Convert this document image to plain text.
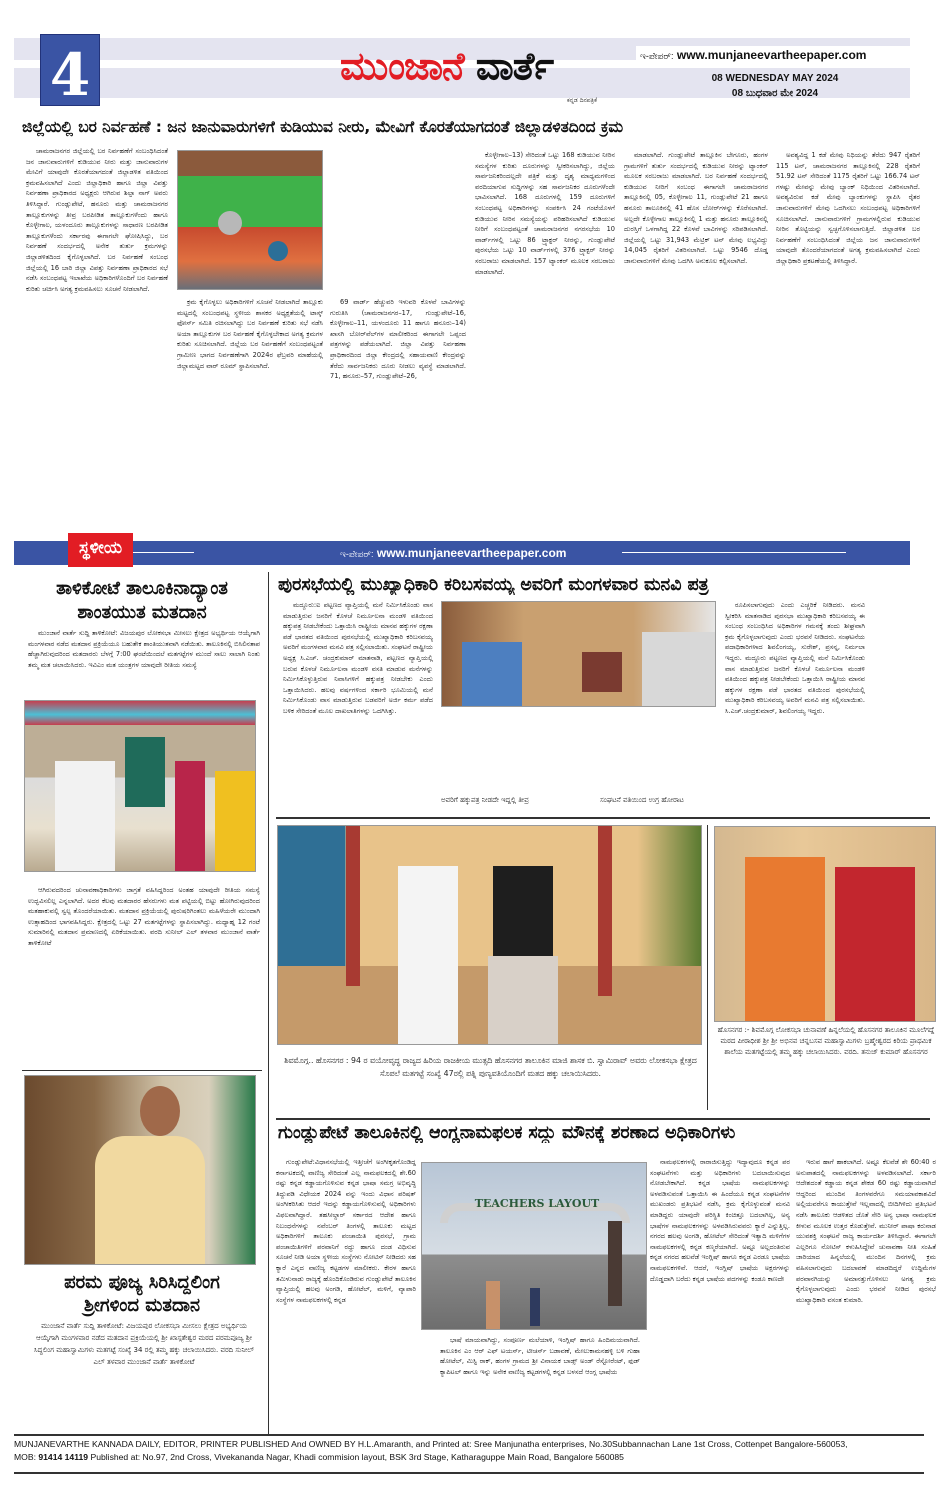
4	ಮುಂಜಾನೆ ವಾರ್ತೆ
ಕನ್ನಡ ದಿನಪತ್ರಿಕೆ
ಇ-ಪೇಪರ್: www.munjaneevartheepaper.com
08 WEDNESDAY MAY 2024
08 ಬುಧವಾರ ಮೇ 2024
ಜಿಲ್ಲೆಯಲ್ಲಿ ಬರ ನಿರ್ವಹಣೆ : ಜನ ಜಾನುವಾರುಗಳಿಗೆ ಕುಡಿಯುವ ನೀರು, ಮೇವಿಗೆ ಕೊರತೆಯಾಗದಂತೆ ಜಿಲ್ಲಾಡಳಿತದಿಂದ ಕ್ರಮ

ಚಾಮರಾಜನಗರ ಜಿಲ್ಲೆಯಲ್ಲಿ ಬರ ನಿರ್ವಹಣೆಗೆ ಸಂಬಂಧಿಸಿದಂತೆ ಜನ ಜಾನುವಾರುಗಳಿಗೆ ಕುಡಿಯುವ ನೀರು ಮತ್ತು ಜಾನುವಾರುಗಳ ಮೇವಿಗೆ ಯಾವುದೇ ಕೊರತೆಯಾಗದಂತೆ ಜಿಲ್ಲಾಡಳಿತ ವತಿಯಿಂದ ಕ್ರಮವಹಿಸಲಾಗಿದೆ ಎಂದು ಜಿಲ್ಲಾಧಿಕಾರಿ ಹಾಗೂ ಜಿಲ್ಲಾ ವಿಪತ್ತು ನಿರ್ವಹಣಾ ಪ್ರಾಧಿಕಾರದ ಅಧ್ಯಕ್ಷರು ಆಗಿರುವ ಶಿಲ್ಪಾ ನಾಗ್ ಅವರು ತಿಳಿಸಿದ್ದಾರೆ. ಗುಂಡ್ಲುಪೇಟೆ, ಹನೂರು ಮತ್ತು ಚಾಮರಾಜನಗರ ತಾಲ್ಲೂಕುಗಳನ್ನು ತೀವ್ರ ಬರಪೀಡಿತ ತಾಲ್ಲೂಕುಗಳೆಂದು ಹಾಗೂ ಕೊಳ್ಳೇಗಾಲ, ಯಳಂದೂರು ತಾಲ್ಲೂಕುಗಳನ್ನು ಸಾಧಾರಣ ಬರಪೀಡಿತ ತಾಲ್ಲೂಕುಗಳೆಂದು ಸರ್ಕಾರವು ಈಗಾಗಲೇ ಘೋಷಿಸಿದ್ದು, ಬರ ನಿರ್ವಹಣೆ ಸಂದರ್ಭದಲ್ಲಿ ಅನೇಕ ತುರ್ತು ಕ್ರಮಗಳನ್ನು ಜಿಲ್ಲಾಡಳಿತದಿಂದ ಕೈಗೊಳ್ಳಲಾಗಿದೆ. ಬರ ನಿರ್ವಹಣೆ ಸಂಬಂಧ ಜಿಲ್ಲೆಯಲ್ಲಿ 16 ಬಾರಿ ಜಿಲ್ಲಾ ವಿಪತ್ತು ನಿರ್ವಹಣಾ ಪ್ರಾಧಿಕಾರದ ಸಭೆ ನಡೆಸಿ ಸಂಬಂಧಪಟ್ಟ ಇಲಾಖೆಯ ಅಧಿಕಾರಿಗಳೊಂದಿಗೆ ಬರ ನಿರ್ವಹಣೆ ಕುರಿತು ಚರ್ಚಿಸಿ ಅಗತ್ಯ ಕ್ರಮವಹಿಸಲು ಸೂಚನೆ ನೀಡಲಾಗಿದೆ.

ಕ್ರಮ ಕೈಗೊಳ್ಳಲು ಅಧಿಕಾರಿಗಳಿಗೆ ಸೂಚನೆ ನೀಡಲಾಗಿದೆ ತಾಲ್ಲೂಕು ಮಟ್ಟದಲ್ಲಿ ಸಂಬಂಧಪಟ್ಟ ಸ್ಥಳೀಯ ಶಾಸಕರ ಅಧ್ಯಕ್ಷತೆಯಲ್ಲಿ ಟಾಸ್ಕ್ ಫೋರ್ಸ್ ಸಮಿತಿ ರಚಿಸಲಾಗಿದ್ದು ಬರ ನಿರ್ವಹಣೆ ಕುರಿತು ಸಭೆ ನಡೆಸಿ ಅಯಾ ತಾಲ್ಲೂಕುಗಳ ಬರ ನಿರ್ವಹಣೆ ಕೈಗೊಳ್ಳಬೇಕಾದ ಅಗತ್ಯ ಕ್ರಮಗಳ ಕುರಿತು ಸೂಚಿಸಲಾಗಿದೆ. ಜಿಲ್ಲೆಯ ಬರ ನಿರ್ವಹಣೆಗೆ ಸಂಬಂಧಪಟ್ಟಂತೆ ಗ್ರಾಮೀಣ ಭಾಗದ ನಿರ್ವಹಣೆಗಾಗಿ 2024ರ ಫೆಬ್ರವರಿ ಮಾಹೆಯಲ್ಲಿ ಜಿಲ್ಲಾಮಟ್ಟದ ವಾರ್ ರೂಮ್ ಸ್ಥಾಪಿಸಲಾಗಿದೆ.

69 ವಾರ್ಡ್ ಹೆಚ್ಚುವರಿ ಇಳುವರಿ ಕೊಳವೆ ಬಾವಿಗಳನ್ನು ಗುರುತಿಸಿ (ಚಾಮರಾಜನಗರ–17, ಗುಂಡ್ಲುಪೇಟೆ–16, ಕೊಳ್ಳೇಗಾಲ–11, ಯಳಂದೂರು 11 ಹಾಗೂ ಹನೂರು–14) ಖಾಸಗಿ ಬೋರ್‌ವೆಲ್‌ಗಳ ಮಾಲೀಕರಿಂದ ಈಗಾಗಲೇ ಒಪ್ಪಂದ ಪತ್ರಗಳನ್ನು ಪಡೆಯಲಾಗಿದೆ. ಜಿಲ್ಲಾ ವಿಪತ್ತು ನಿರ್ವಹಣಾ ಪ್ರಾಧಿಕಾರದಿಂದ ಜಿಲ್ಲಾ ಕೇಂದ್ರದಲ್ಲಿ ಸಹಾಯವಾಣಿ ಕೇಂದ್ರವನ್ನು ತೆರೆದು ಸಾರ್ವಜನಿಕರು ದೂರು ನೀಡಲು ವ್ಯವಸ್ಥೆ ಮಾಡಲಾಗಿದೆ. 71, ಹನೂರು–57, ಗುಂಡ್ಲುಪೇಟೆ–26,

ಕೊಳ್ಳೇಗಾಲ–13) ಸೇರಿದಂತೆ ಒಟ್ಟು 168 ಕುಡಿಯುವ ನೀರಿನ ಸಮಸ್ಯೆಗಳ ಕುರಿತು ದೂರುಗಳನ್ನು ಸ್ವೀಕರಿಸಲಾಗಿದ್ದು, ಜಿಲ್ಲೆಯ ಸಾರ್ವಜನಿಕರಿಂದಲ್ಲದೇ ಪತ್ರಿಕೆ ಮತ್ತು ದೃಶ್ಯ ಮಾಧ್ಯಮಗಳಿಂದ ವರದಿಯಾಗುವ ಸುದ್ದಿಗಳನ್ನು ಸಹ ಸಾರ್ವಜನಿಕರ ದೂರುಗಳೆಂದೇ ಭಾವಿಸಲಾಗಿದೆ. 168 ದೂರುಗಳಲ್ಲಿ 159 ದೂರುಗಳಿಗೆ ಸಂಬಂಧಪಟ್ಟ ಅಧಿಕಾರಿಗಳನ್ನು ಸಂಪರ್ಕಿಸಿ 24 ಗಂಟೆಯೊಳಗೆ ಕುಡಿಯುವ ನೀರಿನ ಸಮಸ್ಯೆಯನ್ನು ಪರಿಹರಿಸಲಾಗಿದೆ ಕುಡಿಯುವ ನೀರಿಗೆ ಸಂಬಂಧಪಟ್ಟಂತೆ ಚಾಮರಾಜನಗರ ನಗರಸಭೆಯ 10 ವಾರ್ಡ್‌ಗಳಲ್ಲಿ ಒಟ್ಟು 86 ಟ್ರ್ಯಾಕ್ಟರ್ ನೀರನ್ನು, ಗುಂಡ್ಲುಪೇಟೆ ಪುರಸಭೆಯ ಒಟ್ಟು 10 ವಾರ್ಡ್‌ಗಳಲ್ಲಿ 376 ಟ್ರ್ಯಾಕ್ಟರ್ ನೀರನ್ನು ಸರಬರಾಜು ಮಾಡಲಾಗಿದೆ. 157 ಟ್ಯಾಂಕರ್ ಮೂಲಕ ಸರಬರಾಜು ಮಾಡಲಾಗಿದೆ.

ಮಾಡಲಾಗಿದೆ. ಗುಂಡ್ಲುಪೇಟೆ ತಾಲ್ಲೂಕಿನ ಬೇಗೂರು, ಹಂಗಳ ಗ್ರಾಮಗಳಿಗೆ ತುರ್ತು ಸಂದರ್ಭದಲ್ಲಿ ಕುಡಿಯುವ ನೀರನ್ನು ಟ್ಯಾಂಕರ್ ಮೂಲಕ ಸರಬರಾಜು ಮಾಡಲಾಗಿದೆ. ಬರ ನಿರ್ವಹಣೆ ಸಂದರ್ಭದಲ್ಲಿ ಕುಡಿಯುವ ನೀರಿಗೆ ಸಂಬಂಧ ಈಗಾಗಲೇ ಚಾಮರಾಜನಗರ ತಾಲ್ಲೂಕಿನಲ್ಲಿ 05, ಕೊಳ್ಳೇಗಾಲ 11, ಗುಂಡ್ಲುಪೇಟೆ 21 ಹಾಗೂ ಹನೂರು ತಾಲೂಕಿನಲ್ಲಿ 41 ಹೊಸ ಬೋರ್‌ಗಳನ್ನು ಕೊರೆಸಲಾಗಿದೆ. ಅಲ್ಲದೇ ಕೊಳ್ಳೇಗಾಲ ತಾಲ್ಲೂಕಿನಲ್ಲಿ 1 ಮತ್ತು ಹನೂರು ತಾಲ್ಲೂಕಿನಲ್ಲಿ ದುರಸ್ತಿಗೆ ಒಳಗಾಗಿದ್ದ 22 ಕೊಳವೆ ಬಾವಿಗಳನ್ನು ಸರಿಪಡಿಸಲಾಗಿದೆ. ಜಿಲ್ಲೆಯಲ್ಲಿ ಒಟ್ಟು 31,943 ಮೆಟ್ರಿಕ್ ಟನ್ ಮೇವು ಲಭ್ಯವಿದ್ದು 14,045 ರೈತರಿಗೆ ವಿತರಿಸಲಾಗಿದೆ. ಒಟ್ಟು 9546 ದೊಡ್ಡ ಜಾನುವಾರುಗಳಿಗೆ ಮೇವು ಒದಗಿಸಿ ಅನುಕೂಲ ಕಲ್ಪಿಸಲಾಗಿದೆ.

ಅವಶ್ಯವಿದ್ದ 1 ಕಡೆ ಮೇವು ನಿಧಿಯನ್ನು ತೆರೆದು 947 ರೈತರಿಗೆ 115 ಟನ್, ಚಾಮರಾಜನಗರ ತಾಲ್ಲೂಕಿನಲ್ಲಿ 228 ರೈತರಿಗೆ 51.92 ಟನ್ ಸೇರಿದಂತೆ 1175 ರೈತರಿಗೆ ಒಟ್ಟು 166.74 ಟನ್ ಗಳಷ್ಟು ಮೇವನ್ನು ಮೇವು ಬ್ಯಾಂಕ್ ನಿಧಿಯಿಂದ ವಿತರಿಸಲಾಗಿದೆ. ಅವಶ್ಯವಿರುವ ಕಡೆ ಮೇವು ಬ್ಯಾಂಕುಗಳನ್ನು ಸ್ಥಾಪಿಸಿ ರೈತರ ಜಾನುವಾರುಗಳಿಗೆ ಮೇವು ಒದಗಿಸಲು ಸಂಬಂಧಪಟ್ಟ ಅಧಿಕಾರಿಗಳಿಗೆ ಸೂಚಿಸಲಾಗಿದೆ. ಜಾನುವಾರುಗಳಿಗೆ ಗ್ರಾಮಗಳಲ್ಲಿರುವ ಕುಡಿಯುವ ನೀರಿನ ತೊಟ್ಟಿಯನ್ನು ಸ್ವಚ್ಛಗೊಳಿಸಲಾಗುತ್ತಿದೆ. ಜಿಲ್ಲಾಡಳಿತ ಬರ ನಿರ್ವಹಣೆಗೆ ಸಂಬಂಧಿಸಿದಂತೆ ಜಿಲ್ಲೆಯ ಜನ ಜಾನುವಾರುಗಳಿಗೆ ಯಾವುದೇ ತೊಂದರೆಯಾಗದಂತೆ ಅಗತ್ಯ ಕ್ರಮವಹಿಸಲಾಗಿದೆ ಎಂದು ಜಿಲ್ಲಾಧಿಕಾರಿ ಪ್ರಕಟಣೆಯಲ್ಲಿ ತಿಳಿಸಿದ್ದಾರೆ.

ಸ್ಥಳೀಯ	ಇ-ಪೇಪರ್: www.munjaneevartheepaper.com
ತಾಳಿಕೋಟೆ ತಾಲೂಕಿನಾದ್ಯಾಂತ
ಶಾಂತಯುತ ಮತದಾನ

ಮುಂಜಾನೆ ವಾರ್ತೆ ಸುದ್ದಿ ತಾಳಿಕೋಟೆ: ವಿಜಯಪುರ ಲೋಕಸಭಾ ಮೀಸಲು ಕ್ಷೇತ್ರದ ಅಭ್ಯರ್ಥಿಯ ಆಯ್ಕೆಗಾಗಿ ಮಂಗಳವಾರ ನಡೆದ ಮತದಾನ ಪ್ರಕ್ರಿಯೆಯೂ ಬಹುತೇಕ ಶಾಂತಿಯುತವಾಗಿ ನಡೆಯಿತು. ತಾಲೂಕಿನಲ್ಲಿ ಬಿಸಿಲಿನತಾಪ ಹೆಚ್ಚಾಗಿರುವುದರಿಂದ ಮತದಾರರು ಬೆಳಗ್ಗೆ 7:00 ಘಂಟೆಯಿಂದಲೆ ಮತಗಟ್ಟೆಗಳ ಮುಂದೆ ಸಾಲು ಸಾಲಾಗಿ ನಿಂತು ತಮ್ಮ ಮತ ಚಲಾಯಿಸಿದರು. ಇವಿಎಂ ಮತ ಯಂತ್ರಗಳ ಯಾವುದೇ ರೀತಿಯ ಸಮಸ್ಯೆ

ಆಗಿರುವದರಿಂದ ಚುನಾವಣಾಧಿಕಾರಿಗಳು ಜಾಗ್ರತೆ ವಹಿಸಿದ್ದರಿಂದ ಅಂತಹ ಯಾವುದೇ ರೀತಿಯ ಸಮಸ್ಯೆ ಉದ್ಭವಿಸಲಿಲ್ಲ ಎನ್ನಲಾಗಿದೆ. ಅದರ ಕೆಲವು ಮತದಾರರ ಹೆಸರುಗಳು ಮತ ಪಟ್ಟಿಯಲ್ಲಿ ಬಿಟ್ಟು ಹೋಗಿರುವುದರಿಂದ ಮತಹಾಕುವಲ್ಲಿ ಸ್ವಲ್ಪ ತೊಂದರೆಯಾಯಿತು. ಮತದಾನ ಪ್ರಕ್ರಿಯೆಯಲ್ಲಿ ಪುರುಷರಿಗಿಂತಲು ಮಹಿಳೆಯರೇ ಮುಂದಾಗಿ ಉತ್ಸಾಹದಿಂದ ಭಾಗವಹಿಸಿದ್ದರು. ಕ್ಷೇತ್ರದಲ್ಲಿ ಒಟ್ಟು 27 ಮತಗಟ್ಟೆಗಳನ್ನು ಸ್ಥಾಪಿಸಲಾಗಿದ್ದು. ಮಧ್ಯಾಹ್ನ 12 ಗಂಟೆ ಸುಮಾರಿನಲ್ಲಿ ಮತದಾನ ಪ್ರಮಾಣದಲ್ಲಿ ಏರಿಕೆಯಾಯಿತು. ವರದಿ ಸುನೀಲ್ ಎಲ್ ತಳವಾರ ಮುಂಜಾನೆ ವಾರ್ತೆ ತಾಳಿಕೋಟೆ

ಪರಮ ಪೂಜ್ಯ ಸಿರಿಸಿದ್ದಲಿಂಗ
ಶ್ರೀಗಳಿಂದ ಮತದಾನ
ಮುಂಜಾನೆ ವಾರ್ತೆ ಸುದ್ದಿ ತಾಳಿಕೋಟೆ: ವಿಜಯಪುರ ಲೋಕಸಭಾ ಮೀಸಲು ಕ್ಷೇತ್ರದ ಅಭ್ಯರ್ಥಿಯ ಆಯ್ಕೆಗಾಗಿ ಮಂಗಳವಾರ ನಡೆದ ಮತದಾನ ಪ್ರಕ್ರಿಯೆಯಲ್ಲಿ ಶ್ರೀ ಖಾಸ್ಗತೇಶ್ವರ ಮಠದ ಪರಮಪೂಜ್ಯ ಶ್ರೀ ಸಿದ್ಧಲಿಂಗ ಮಹಾಸ್ವಾಮಿಗಳು ಮತಗಟ್ಟೆ ಸಂಖ್ಯೆ 34 ರಲ್ಲಿ ತಮ್ಮ ಹಕ್ಕು ಚಲಾಯಿಸಿದರು. ವರದಿ ಸುನೀಲ್ ಎಲ್ ತಳವಾರ ಮುಂಜಾನೆ ವಾರ್ತೆ ತಾಳಿಕೋಟೆ
ಪುರಸಭೆಯಲ್ಲಿ ಮುಖ್ಯಾಧಿಕಾರಿ ಕರಿಬಸವಯ್ಯ ಅವರಿಗೆ ಮಂಗಳವಾರ ಮನವಿ ಪತ್ರ

ಮದ್ದೂರು:ಐ ಪಟ್ಟಣದ ವ್ಯಾಪ್ತಿಯಲ್ಲಿ ಮನೆ ನಿರ್ಮಿಸಿಕೊಂಡು ವಾಸ ಮಾಡುತ್ತಿರುವ ಜನರಿಗೆ ಕೊಳಚೆ ನಿರ್ಮೂಲನಾ ಮಂಡಳಿ ವತಿಯಿಂದ ಹಕ್ಕುಪತ್ರ ನೀಡಬೇಕೆಂದು ಒತ್ತಾಯಿಸಿ ರಾಷ್ಟ್ರೀಯ ಮಾನವ ಹಕ್ಕುಗಳ ರಕ್ಷಣಾ ಪಡೆ ಭಾರತದ ವತಿಯಿಂದ ಪುರಸಭೆಯಲ್ಲಿ ಮುಖ್ಯಾಧಿಕಾರಿ ಕರಿಬಸವಯ್ಯ ಅವರಿಗೆ ಮಂಗಳವಾರ ಮನವಿ ಪತ್ರ ಸಲ್ಲಿಸಲಾಯಿತು. ಸಂಘಟನೆ ರಾಷ್ಟ್ರೀಯ ಅಧ್ಯಕ್ಷ ಸಿ.ಎಚ್. ಚಂದ್ರಕುಮಾರ್ ಮಾತನಾಡಿ, ಪಟ್ಟಣದ ವ್ಯಾಪ್ತಿಯಲ್ಲಿ ಬರುವ ಕೊಳಚೆ ನಿರ್ಮೂಲನಾ ಮಂಡಳಿ ವಸತಿ ಮಾಡುವ ಮನೆಗಳನ್ನು ನಿರ್ಮಿಸಿಕೊಳ್ಳುತ್ತಿರುವ ನಿವಾಸಿಗಳಿಗೆ ಹಕ್ಕುಪತ್ರ ನೀಡಬೇಕು ಎಂದು ಒತ್ತಾಯಿಸಿದರು. ಹಲವು ವರ್ಷಗಳಿಂದ ಸರ್ಕಾರಿ ಭೂಮಿಯಲ್ಲಿ ಮನೆ ನಿರ್ಮಿಸಿಕೊಂಡು ವಾಸ ಮಾಡುತ್ತಿರುವ ಬಡವರಿಗೆ ಅರ್ಜಿ ಕರ್ಮ ಪಡೆದ ಬಳಿಕ ಸೇರಿದಂತೆ ಮೂಲ ದಾಖಲಾತಿಗಳನ್ನು ಒದಗಿಸಿತ್ತು.

ರೂಪಿಸಲಾಗುವುದು ಎಂದು ಎಚ್ಚರಿಕೆ ನೀಡಿದರು. ಮನವಿ ಸ್ವೀಕರಿಸಿ ಮಾತನಾಡಿದ ಪುರಸಭಾ ಮುಖ್ಯಾಧಿಕಾರಿ ಕರಿಬಸವಯ್ಯ ಈ ಸಂಬಂಧ ಸಂಬಂಧಿಸಿದ ಅಧಿಕಾರಿಗಳ ಗಮನಕ್ಕೆ ತಂದು ಶೀಘ್ರವಾಗಿ ಕ್ರಮ ಕೈಗೊಳ್ಳಲಾಗುವುದು ಎಂದು ಭರವಸೆ ನೀಡಿದರು. ಸಂಘಟನೆಯ ಪದಾಧಿಕಾರಿಗಳಾದ ಶಿವಲಿಂಗಯ್ಯ, ಸುರೇಶ್, ಪ್ರಸನ್ನ, ನಿರ್ಮಲಾ ಇದ್ದರು. ಮದ್ದೂರು ಪಟ್ಟಣದ ವ್ಯಾಪ್ತಿಯಲ್ಲಿ ಮನೆ ನಿರ್ಮಿಸಿಕೊಂಡು ವಾಸ ಮಾಡುತ್ತಿರುವ ಜನರಿಗೆ ಕೊಳಚೆ ನಿರ್ಮೂಲನಾ ಮಂಡಳಿ ವತಿಯಿಂದ ಹಕ್ಕುಪತ್ರ ನೀಡಬೇಕೆಂದು ಒತ್ತಾಯಿಸಿ ರಾಷ್ಟ್ರೀಯ ಮಾನವ ಹಕ್ಕುಗಳ ರಕ್ಷಣಾ ಪಡೆ ಭಾರತದ ವತಿಯಿಂದ ಪುರಸಭೆಯಲ್ಲಿ ಮುಖ್ಯಾಧಿಕಾರಿ ಕರಿಬಸವಯ್ಯ ಅವರಿಗೆ ಮನವಿ ಪತ್ರ ಸಲ್ಲಿಸಲಾಯಿತು. ಸಿ.ಎಚ್.ಚಂದ್ರಕುಮಾರ್, ಶಿವಲಿಂಗಯ್ಯ ಇದ್ದರು.

ಅವರಿಗೆ ಹಕ್ಕುಪತ್ರ ನೀಡದೇ ಇದ್ದಲ್ಲಿ ತೀವ್ರ	ಸಂಘಟನೆ ವತಿಯಿಂದ ಉಗ್ರ ಹೋರಾಟ
ಶಿವಮೊಗ್ಗ.. ಹೊಸನಗರ : 94 ರ ವಯೋವೃದ್ಧ ರಾಜ್ಯದ ಹಿರಿಯ ರಾಜಕೀಯ ಮುತ್ಸದಿ ಹೊಸನಗರ ತಾಲೂಕಿನ ಮಾಜಿ ಶಾಸಕ ಬಿ. ಸ್ವಾಮಿರಾವ್ ಅವರು ಲೋಕಸಭಾ ಕ್ಷೇತ್ರದ ಸೊಪಲೆ ಮತಗಟ್ಟೆ ಸಂಖ್ಯೆ 47ರಲ್ಲಿ ಪತ್ನಿ ಪುಣ್ಯವತಿಯೊಂದಿಗೆ ಮತದ ಹಕ್ಕು ಚಲಾಯಿಸಿದರು.
ಹೊಸನಗರ :- ಶಿವಮೊಗ್ಗ ಲೋಕಸಭಾ ಚುನಾವಣೆ ಹಿನ್ನಲೆಯಲ್ಲಿ ಹೊಸನಗರ ತಾಲೂಕಿನ ಮೂಲೆಗದ್ದೆ ಮಠದ ಪೀಠಾಧೀಶ ಶ್ರೀ ಶ್ರೀ ಅಭಿನವ ಚನ್ನಬಸವ ಮಹಾಸ್ವಾಮಿಗಳು ಬ್ರಹ್ಮೇಶ್ವರದ ಕಿರಿಯ ಪ್ರಾಥಮಿಕ ಶಾಲೆಯ ಮತಗಟ್ಟೆಯಲ್ಲಿ ತಮ್ಮ ಹಕ್ಕು ಚಲಾಯಿಸಿದರು. ವರದಿ. ತನುಜ್ ಕುಮಾರ್ ಹೊಸನಗರ
ಗುಂಡ್ಲುಪೇಟೆ ತಾಲೂಕಿನಲ್ಲಿ ಆಂಗ್ಲನಾಮಫಲಕ ಸದ್ದು ಮೌನಕ್ಕೆ ಶರಣಾದ ಅಧಿಕಾರಿಗಳು

ಗುಂಡ್ಲುಪೇಟೆ:ವಿಧಾನಸಭೆಯಲ್ಲಿ ಇತ್ತೀಚೆಗೆ ಅಂಗೀಕೃತಗೊಂಡಿದ್ದ ಕರ್ನಾಟಕದಲ್ಲಿ ವಾಣಿಜ್ಯ ಸೇರಿದಂತೆ ಎಲ್ಲ ನಾಮಫಲಕದಲ್ಲಿ ಶೇ.60 ರಷ್ಟು ಕನ್ನಡ ಕಡ್ಡಾಯಗೊಳಿಸುವ ಕನ್ನಡ ಭಾಷಾ ಸಮಗ್ರ ಅಭಿವೃದ್ಧಿ ತಿದ್ದುಪಡಿ ವಿಧೇಯಕ 2024 ವನ್ನು ಇಂದು ವಿಧಾನ ಪರಿಷತ್ ಅಂಗೀಕರಿಸಿತು ಆದರೆ ಇದನ್ನು ಕಡ್ಡಾಯಗೊಳಿಸುವಲ್ಲಿ ಅಧಿಕಾರಿಗಳು ವಿಫಲವಾಗಿದ್ದಾರೆ. ತಹಸೀಲ್ದಾರ್ ಸರ್ಕಾರದ ಆದೇಶ ಹಾಗೂ ನಿಬಂಧನೆಗಳನ್ನು ನವೆಂಬರ್ ತಿಂಗಳಲ್ಲಿ ತಾಲೂಕು ಮಟ್ಟದ ಅಧಿಕಾರಿಗಳಿಗೆ ತಾಲೂಕು ಪಂಚಾಯಿತಿ ಪುರಸಭೆ, ಗ್ರಾಮ ಪಂಚಾಯಿತಿಗಳಿಗೆ ಪರವಾನಿಗೆ ರದ್ದು ಹಾಗೂ ದಂಡ ವಿಧಿಸುವ ಸೂಚನೆ ನೀಡಿ ಅಯಾ ಸ್ಥಳೀಯ ಸಂಸ್ಥೆಗಳು ನೋಟಿಸ್ ನೀಡಿದರು ಸಹ ಕ್ಯಾರೆ ಎನ್ನದ ವಾಣಿಜ್ಯ ಕಟ್ಟಡಗಳ ಮಾಲೀಕರು. ಕೇರಳ ಹಾಗೂ ತಮಿಳುನಾಡು ರಾಜ್ಯಕ್ಕೆ ಹೊಂದಿಕೊಂಡಿರುವ ಗುಂಡ್ಲುಪೇಟೆ ತಾಲೂಕಿನ ವ್ಯಾಪ್ತಿಯಲ್ಲಿ ಹಲವು ಅಂಗಡಿ, ಹೋಟೆಲ್, ಮಳಿಗೆ, ವ್ಯಾಪಾರಿ ಸಂಸ್ಥೆಗಳ ನಾಮಫಲಕಗಳಲ್ಲಿ ಕನ್ನಡ

TEACHERS LAYOUT

ಭಾಷೆ ಮಾಯವಾಗಿದ್ದು, ಸಂಪೂರ್ಣ ಮಲೆಯಾಳಿ, ಇಂಗ್ಲಿಷ್ ಹಾಗೂ ಹಿಂದಿಮಯವಾಗಿದೆ. ತಾಲೂಕಿನ ಎಂ ಆರ್ ಎಫ್ ಟಯರ್ಸ್, ಟೀಚರ್ಸ್ ಬಡಾವಣೆ, ಮೇಲುಕಾಮನಹಳ್ಳಿ ಬಳಿ ಗುಹಾ ಹೋಟೆಲ್, ಮಿಸ್ಟಿ ರಾಕ್, ಹಂಗಳ ಗ್ರಾಮದ ಶ್ರೀ ವಿನಾಯಕ ಬಾಡ್ಸ್ ಅಂಡ್ ರೆಸ್ಟೋರೆಂಟ್, ಫುಡ್ ಕ್ಯಾಪಿಟಲ್ ಹಾಗೂ ಇನ್ನು ಅನೇಕ ವಾಣಿಜ್ಯ ಕಟ್ಟಡಗಳಲ್ಲಿ ಕನ್ನಡ ಬಳಸದೆ ಆಂಗ್ಲ ಭಾಷೆಯ

ನಾಮಫಲಕಗಳಲ್ಲಿ ರಾರಾಜಿಸುತ್ತಿದ್ದು ಇದ್ಯಾವುದೂ ಕನ್ನಡ ಪರ ಸಂಘಟನೆಗಳು ಮತ್ತು ಅಧಿಕಾರಿಗಳು ಬದಲಾಯಿಸುವುದ ನೋಡಬೇಕಾಗಿದೆ. ಕನ್ನಡ ಭಾಷೆಯ ನಾಮಫಲಕಗಳನ್ನು ಅಳವಡಿಸುವಂತೆ ಒತ್ತಾಯಿಸಿ ಈ ಹಿಂದೆಯೂ ಕನ್ನಡ ಸಂಘಟನೆಗಳ ಮುಖಂಡರು ಪ್ರತಿಭಟನೆ ನಡೆಸಿ, ಕ್ರಮ ಕೈಗೊಳ್ಳುವಂತೆ ಮನವಿ ಮಾಡಿದ್ದರು ಯಾವುದೇ ಪರಿಸ್ಥಿತಿ ಕಿಂಚಿತ್ತೂ ಬದಲಾಗಿಲ್ಲ, ಅನ್ಯ ಭಾಷೆಗಳ ನಾಮಫಲಕಗಳನ್ನು ಅಳವಡಿಸಿರುವವರು ಕ್ಯಾರೆ ಎನ್ನುತ್ತಿಲ್ಲ. ನಗರದ ಹಲವು ಅಂಗಡಿ, ಹೋಟೆಲ್ ಸೇರಿದಂತೆ ಇತ್ಯಾದಿ ಮಳಿಗೆಗಳ ನಾಮಫಲಕಗಳಲ್ಲಿ ಕನ್ನಡ ಕಣ್ಮರೆಯಾಗಿದೆ. ಅಷ್ಟೂ ಅಲ್ಲದಂತಿರುವ ಕನ್ನಡ ನಗರದ ಹಲವೆಡೆ ಇಂಗ್ಲಿಷ್ ಹಾಗೂ ಕನ್ನಡ ಎರಡೂ ಭಾಷೆಯ ನಾಮಫಲಕಗಳಿವೆ. ಆದರೆ, ಇಂಗ್ಲಿಷ್ ಭಾಷೆಯ ಅಕ್ಷರಗಳನ್ನು ದೊಡ್ಡದಾಗಿ ಬರೆದು ಕನ್ನಡ ಭಾಷೆಯ ಪದಗಳನ್ನು ಕಂಡೂ ಕಾಣದೇ

ಇರುವ ಹಾಗೆ ಹಾಕಲಾಗಿದೆ. ಅಷ್ಟೂ ಕೆಲವೆಡೆ ಶೇ 60:40 ರ ಅನುಪಾತದಲ್ಲಿ ನಾಮಫಲಕಗಳನ್ನು ಅಳವಡಿಸಲಾಗಿದೆ. ಸರ್ಕಾರಿ ಆದೇಶದಂತೆ ಕಡ್ಡಾಯ ಕನ್ನಡ ಶೇಕಡ 60 ರಷ್ಟು ಕಡ್ಡಾಯವಾಗಿದೆ ಆದ್ದರಿಂದ ಮುಂದಿನ ತಿಂಗಳವರೆಗೂ ಸಮಯಾವಕಾಶವಿದೆ ಅಲ್ಲಿಯವರೆಗೂ ಕಾಯುತ್ತೇವೆ ಇಲ್ಲವಾದಲ್ಲಿ ಬೀದಿಗಿಳಿದು ಪ್ರತಿಭಟನೆ ನಡೆಸಿ ತಾಲೂಕು ಆಡಳಿತದ ಜೊತೆ ಸೇರಿ ಅನ್ಯ ಭಾಷಾ ನಾಮಫಲಕ ಕೀಳುವ ಮೂಲಕ ಉತ್ತರ ಕೊಡುತ್ತೇವೆ. ಮುನೀರ್ ಪಾಷಾ ಕರುನಾಡ ಯುವಶಕ್ತಿ ಸಂಘಟನೆ ರಾಜ್ಯ ಕಾರ್ಯದರ್ಶಿ ತಿಳಿಸಿದ್ದಾರೆ. ಈಗಾಗಲೇ ಎಲ್ಲರಿಗೂ ನೋಟಿಸ್ ಕಳುಹಿಸಿದ್ದೇವೆ ಚುನಾವಣಾ ನೀತಿ ಸಂಹಿತೆ ಜಾರಿಯಾದ ಹಿನ್ನಲೆಯಲ್ಲಿ ಮುಂದಿನ ದಿನಗಳಲ್ಲಿ ಕ್ರಮ ವಹಿಸಲಾಗುವುದು ಬದಲಾವಣೆ ಮಾಡದಿದ್ದರೆ ಉದ್ದಿಮೆಗಳ ಪರವಾನಗಿಯನ್ನು ಅಮಾನತ್ತುಗೊಳಿಸಲು ಅಗತ್ಯ ಕ್ರಮ ಕೈಗೊಳ್ಳಲಾಗುವುದು ಎಂದು ಭರವಸೆ ನೀಡಿದ ಪುರಸಭೆ ಮುಖ್ಯಾಧಿಕಾರಿ ವಸಂತ ಕುಮಾರಿ.

MUNJANEVARTHE KANNADA DAILY, EDITOR, PRINTER PUBLISHED And OWNED BY H.L.Amaranth, and Printed at: Sree Manjunatha enterprises, No.30Subbannachan Lane 1st Cross, Cottenpet Bangalore-560053,
MOB: 91414 14119 Published at: No.97, 2nd Cross, Vivekananda Nagar, Khadi commision layout, BSK 3rd Stage, Katharaguppe Main Road, Bangalore 560085
